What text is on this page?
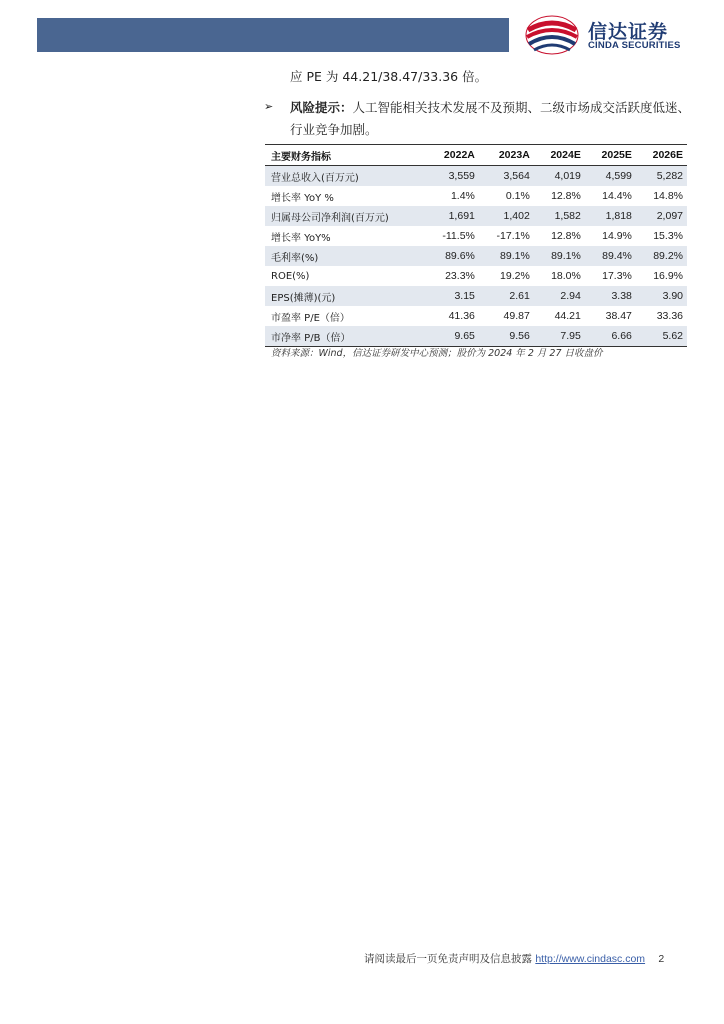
信达证券
CINDA SECURITIES
应 PE 为 44.21/38.47/33.36 倍。
➢ 风险提示：人工智能相关技术发展不及预期、二级市场成交活跃度低迷、
行业竞争加剧。
主要财务指标	2022A	2023A	2024E	2025E	2026E
营业总收入(百万元)	3,559	3,564	4,019	4,599	5,282
增长率 YoY %	1.4%	0.1%	12.8%	14.4%	14.8%
归属母公司净利润(百万元)	1,691	1,402	1,582	1,818	2,097
增长率 YoY%	-11.5%	-17.1%	12.8%	14.9%	15.3%
毛利率(%)	89.6%	89.1%	89.1%	89.4%	89.2%
ROE(%)	23.3%	19.2%	18.0%	17.3%	16.9%
EPS(摊薄)(元)	3.15	2.61	2.94	3.38	3.90
市盈率 P/E（倍）	41.36	49.87	44.21	38.47	33.36
市净率 P/B（倍）	9.65	9.56	7.95	6.66	5.62
资料来源：Wind，信达证券研发中心预测；股价为 2024 年 2 月 27 日收盘价
请阅读最后一页免责声明及信息披露 http://www.cindasc.com 2
